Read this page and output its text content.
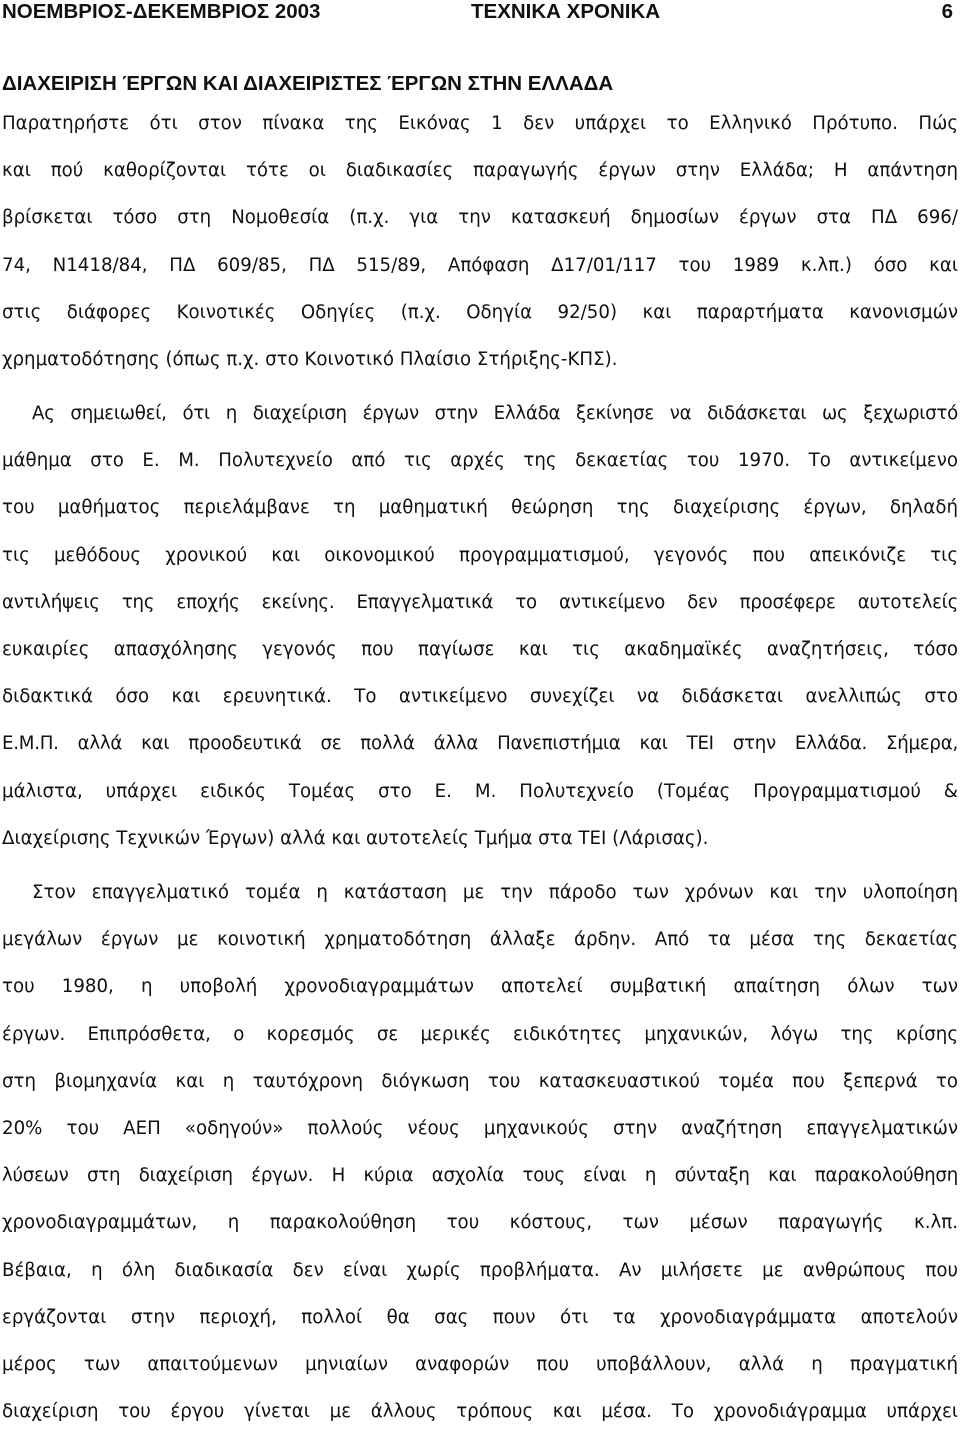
ΝΟΕΜΒΡΙΟΣ-ΔΕΚΕΜΒΡΙΟΣ 2003	ΤΕΧΝΙΚΑ ΧΡΟΝΙΚΑ	6
ΔΙΑΧΕΙΡΙΣΗ ΈΡΓΩΝ ΚΑΙ ΔΙΑΧΕΙΡΙΣΤΕΣ ΈΡΓΩΝ ΣΤΗΝ ΕΛΛΑΔΑ
Παρατηρήστε ότι στον πίνακα της Εικόνας 1 δεν υπάρχει το Ελληνικό Πρότυπο. Πώς
και πού καθορίζονται τότε οι διαδικασίες παραγωγής έργων στην Ελλάδα; Η απάντηση
βρίσκεται τόσο στη Νομοθεσία (π.χ. για την κατασκευή δημοσίων έργων στα ΠΔ 696/
74, Ν1418/84, ΠΔ 609/85, ΠΔ 515/89, Απόφαση Δ17/01/117 του 1989 κ.λπ.) όσο και
στις διάφορες Κοινοτικές Οδηγίες (π.χ. Οδηγία 92/50) και παραρτήματα κανονισμών
χρηματοδότησης (όπως π.χ. στο Κοινοτικό Πλαίσιο Στήριξης-ΚΠΣ).
Ας σημειωθεί, ότι η διαχείριση έργων στην Ελλάδα ξεκίνησε να διδάσκεται ως ξεχωριστό
μάθημα στο Ε. Μ. Πολυτεχνείο από τις αρχές της δεκαετίας του 1970. Το αντικείμενο
του μαθήματος περιελάμβανε τη μαθηματική θεώρηση της διαχείρισης έργων, δηλαδή
τις μεθόδους χρονικού και οικονομικού προγραμματισμού, γεγονός που απεικόνιζε τις
αντιλήψεις της εποχής εκείνης. Επαγγελματικά το αντικείμενο δεν προσέφερε αυτοτελείς
ευκαιρίες απασχόλησης γεγονός που παγίωσε και τις ακαδημαϊκές αναζητήσεις, τόσο
διδακτικά όσο και ερευνητικά. Το αντικείμενο συνεχίζει να διδάσκεται ανελλιπώς στο
Ε.Μ.Π. αλλά και προοδευτικά σε πολλά άλλα Πανεπιστήμια και ΤΕΙ στην Ελλάδα. Σήμερα,
μάλιστα, υπάρχει ειδικός Τομέας στο Ε. Μ. Πολυτεχνείο (Τομέας Προγραμματισμού &
Διαχείρισης Τεχνικών Έργων) αλλά και αυτοτελείς Τμήμα στα ΤΕΙ (Λάρισας).
Στον επαγγελματικό τομέα η κατάσταση με την πάροδο των χρόνων και την υλοποίηση
μεγάλων έργων με κοινοτική χρηματοδότηση άλλαξε άρδην. Από τα μέσα της δεκαετίας
του 1980, η υποβολή χρονοδιαγραμμάτων αποτελεί συμβατική απαίτηση όλων των
έργων. Επιπρόσθετα, ο κορεσμός σε μερικές ειδικότητες μηχανικών, λόγω της κρίσης
στη βιομηχανία και η ταυτόχρονη διόγκωση του κατασκευαστικού τομέα που ξεπερνά το
20% του ΑΕΠ «οδηγούν» πολλούς νέους μηχανικούς στην αναζήτηση επαγγελματικών
λύσεων στη διαχείριση έργων. Η κύρια ασχολία τους είναι η σύνταξη και παρακολούθηση
χρονοδιαγραμμάτων, η παρακολούθηση του κόστους, των μέσων παραγωγής κ.λπ.
Βέβαια, η όλη διαδικασία δεν είναι χωρίς προβλήματα. Αν μιλήσετε με ανθρώπους που
εργάζονται στην περιοχή, πολλοί θα σας πουν ότι τα χρονοδιαγράμματα αποτελούν
μέρος των απαιτούμενων μηνιαίων αναφορών που υποβάλλουν, αλλά η πραγματική
διαχείριση του έργου γίνεται με άλλους τρόπους και μέσα. Το χρονοδιάγραμμα υπάρχει
